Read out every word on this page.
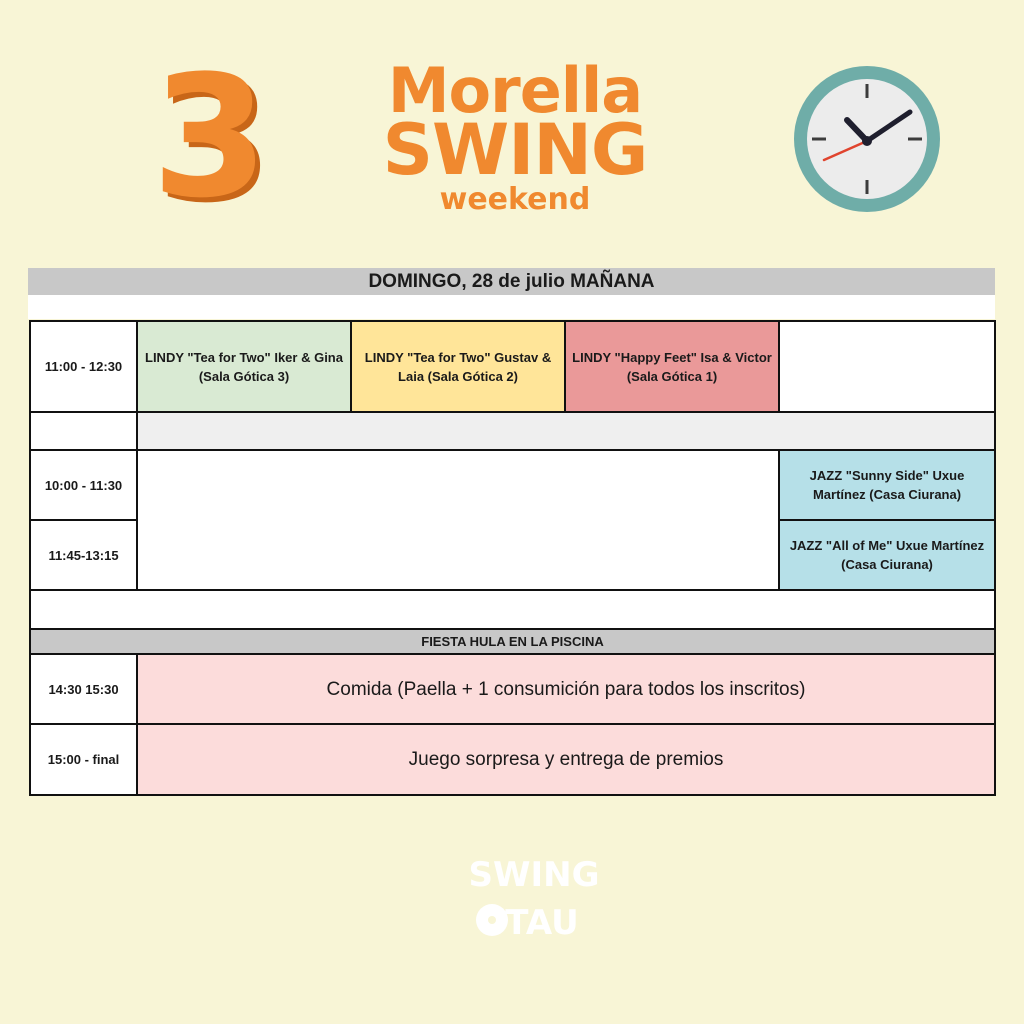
3	Morella
SWING
weekend
DOMINGO, 28 de julio MAÑANA
11:00 - 12:30
LINDY "Tea for Two" Iker & Gina (Sala Gótica 3)
LINDY "Tea for Two" Gustav & Laia (Sala Gótica 2)
LINDY "Happy Feet" Isa & Victor (Sala Gótica 1)
10:00 - 11:30
11:45-13:15
JAZZ "Sunny Side" Uxue Martínez (Casa Ciurana)
JAZZ "All of Me" Uxue Martínez (Casa Ciurana)
FIESTA HULA EN LA PISCINA
14:30 15:30
15:00 - final
Comida (Paella + 1 consumición para todos los inscritos)
Juego sorpresa y entrega de premios
SWING
TAU
